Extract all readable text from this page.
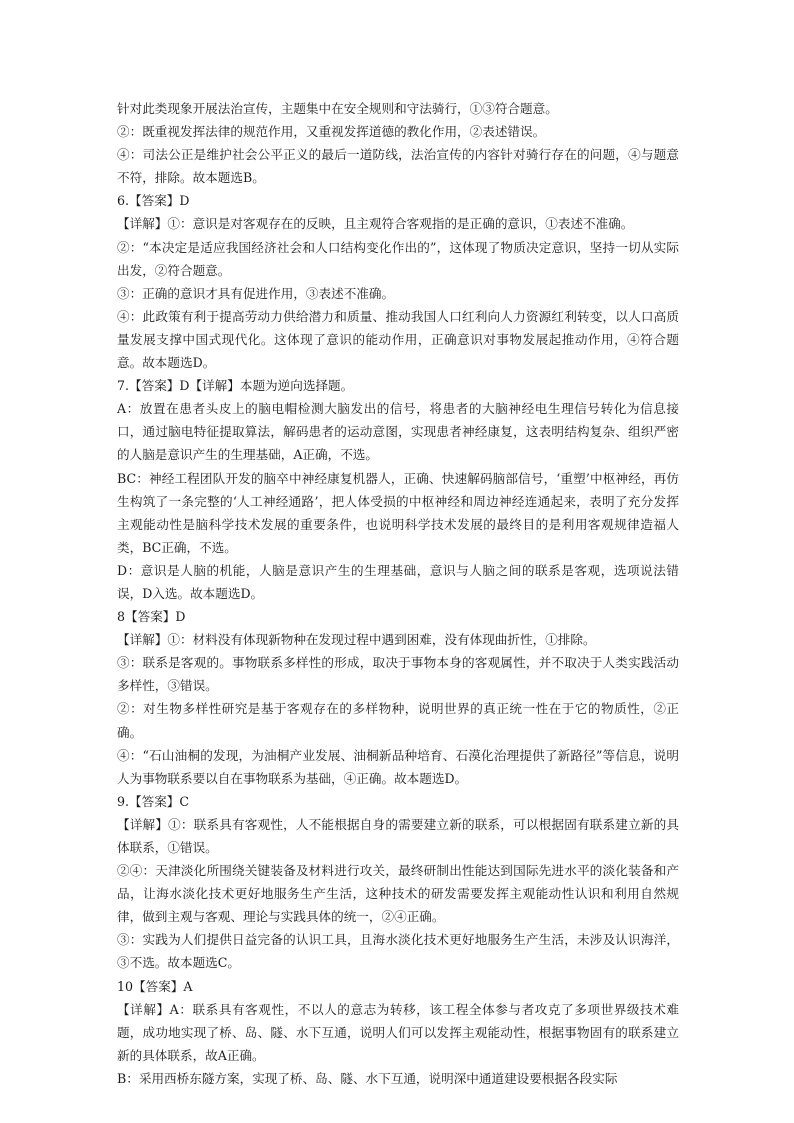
针对此类现象开展法治宣传，主题集中在安全规则和守法骑行，①③符合题意。

②：既重视发挥法律的规范作用，又重视发挥道德的教化作用，②表述错误。

④：司法公正是维护社会公平正义的最后一道防线，法治宣传的内容针对骑行存在的问题，④与题意不符，排除。故本题选B。

6.【答案】D

【详解】①：意识是对客观存在的反映，且主观符合客观指的是正确的意识，①表述不准确。

②：“本决定是适应我国经济社会和人口结构变化作出的”，这体现了物质决定意识，坚持一切从实际出发，②符合题意。

③：正确的意识才具有促进作用，③表述不准确。

④：此政策有利于提高劳动力供给潜力和质量、推动我国人口红利向人力资源红利转变，以人口高质量发展支撑中国式现代化。这体现了意识的能动作用，正确意识对事物发展起推动作用，④符合题意。故本题选D。

7.【答案】D【详解】本题为逆向选择题。

A：放置在患者头皮上的脑电帽检测大脑发出的信号，将患者的大脑神经电生理信号转化为信息接口，通过脑电特征提取算法，解码患者的运动意图，实现患者神经康复，这表明结构复杂、组织严密的人脑是意识产生的生理基础，A正确，不选。

BC：神经工程团队开发的脑卒中神经康复机器人，正确、快速解码脑部信号，‘重塑’中枢神经，再仿生构筑了一条完整的‘人工神经通路’，把人体受损的中枢神经和周边神经连通起来，表明了充分发挥主观能动性是脑科学技术发展的重要条件，也说明科学技术发展的最终目的是利用客观规律造福人类，BC正确，不选。

D：意识是人脑的机能，人脑是意识产生的生理基础，意识与人脑之间的联系是客观，选项说法错误，D入选。故本题选D。

8【答案】D

【详解】①：材料没有体现新物种在发现过程中遇到困难，没有体现曲折性，①排除。

③：联系是客观的。事物联系多样性的形成，取决于事物本身的客观属性，并不取决于人类实践活动多样性，③错误。

②：对生物多样性研究是基于客观存在的多样物种，说明世界的真正统一性在于它的物质性，②正确。

④：“石山油桐的发现，为油桐产业发展、油桐新品种培育、石漠化治理提供了新路径”等信息，说明人为事物联系要以自在事物联系为基础，④正确。故本题选D。

9.【答案】C

【详解】①：联系具有客观性，人不能根据自身的需要建立新的联系，可以根据固有联系建立新的具体联系，①错误。

②④：天津淡化所围绕关键装备及材料进行攻关，最终研制出性能达到国际先进水平的淡化装备和产品，让海水淡化技术更好地服务生产生活，这种技术的研发需要发挥主观能动性认识和利用自然规律，做到主观与客观、理论与实践具体的统一，②④正确。

③：实践为人们提供日益完备的认识工具，且海水淡化技术更好地服务生产生活，未涉及认识海洋，③不选。故本题选C。

10【答案】A

【详解】A：联系具有客观性，不以人的意志为转移，该工程全体参与者攻克了多项世界级技术难题，成功地实现了桥、岛、隧、水下互通，说明人们可以发挥主观能动性，根据事物固有的联系建立新的具体联系，故A正确。

B：采用西桥东隧方案，实现了桥、岛、隧、水下互通，说明深中通道建设要根据各段实际
